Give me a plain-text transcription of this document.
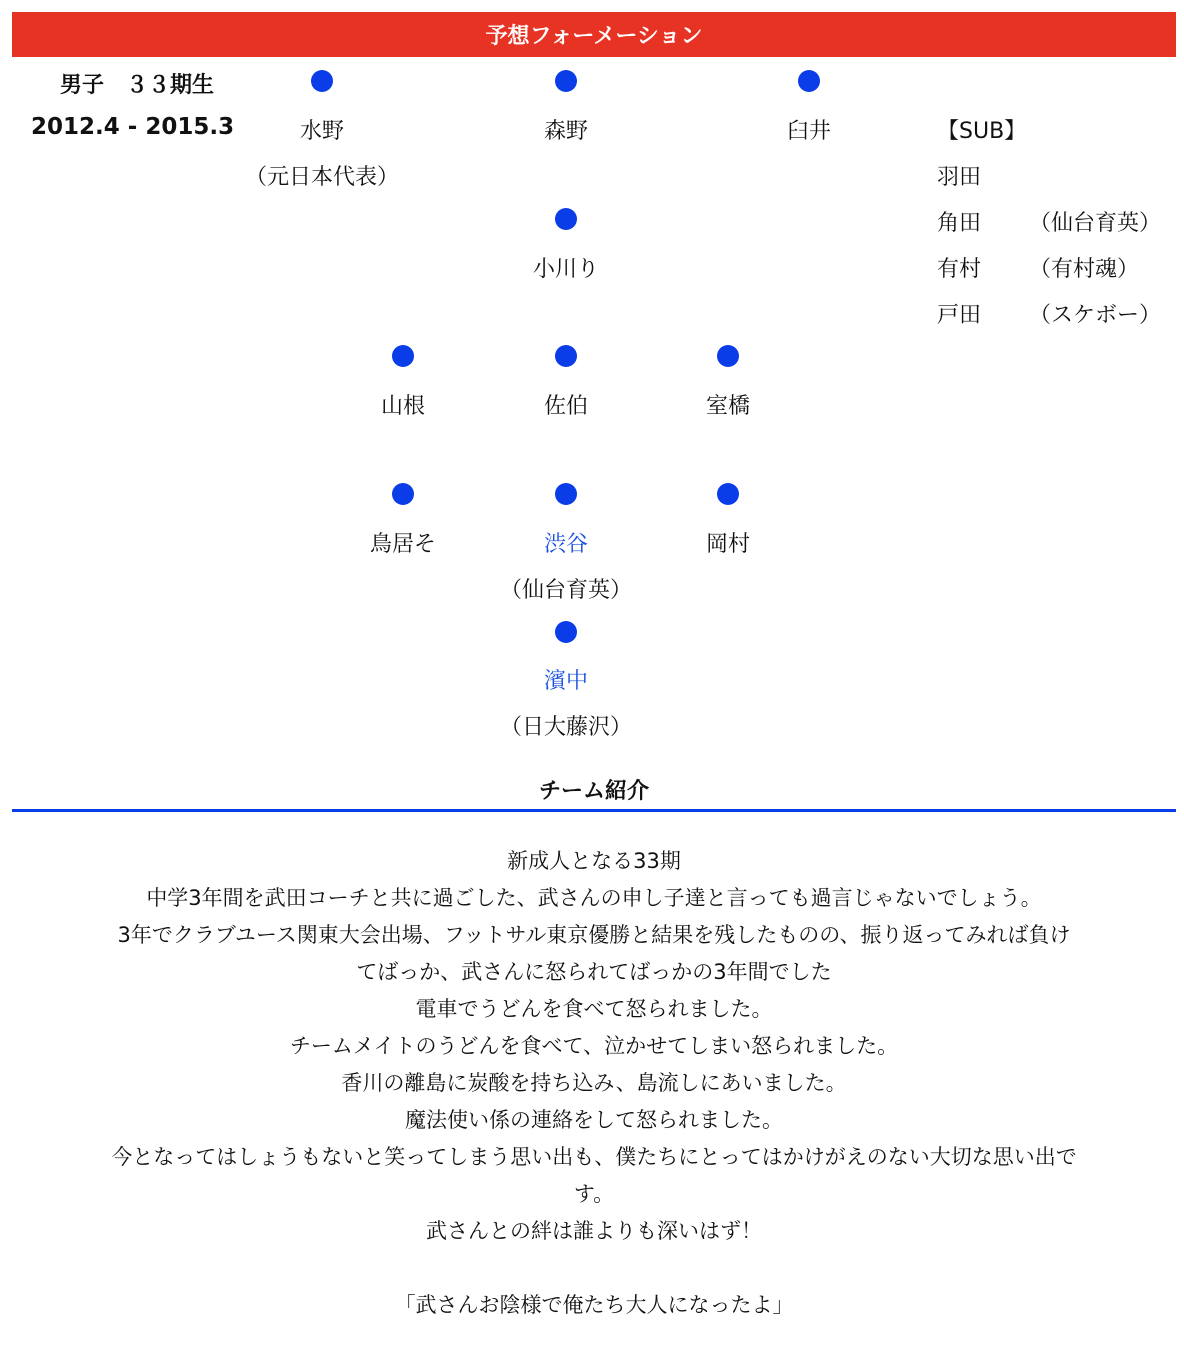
予想フォーメーション
男子　３３期生
2012.4 - 2015.3	水野
（元日本代表）
森野	臼井
小川り
山根	佐伯	室橋
鳥居そ	渋谷
（仙台育英）
岡村
濱中
（日大藤沢）
【SUB】
羽田
角田 （仙台育英）
有村 （有村魂）
戸田 （スケボー）
チーム紹介

新成人となる33期

中学3年間を武田コーチと共に過ごした、武さんの申し子達と言っても過言じゃないでしょう。

3年でクラブユース関東大会出場、フットサル東京優勝と結果を残したものの、振り返ってみれば負け

てばっか、武さんに怒られてばっかの3年間でした

電車でうどんを食べて怒られました。

チームメイトのうどんを食べて、泣かせてしまい怒られました。

香川の離島に炭酸を持ち込み、島流しにあいました。

魔法使い係の連絡をして怒られました。

今となってはしょうもないと笑ってしまう思い出も、僕たちにとってはかけがえのない大切な思い出で

す。

武さんとの絆は誰よりも深いはず！

「武さんお陰様で俺たち大人になったよ」
